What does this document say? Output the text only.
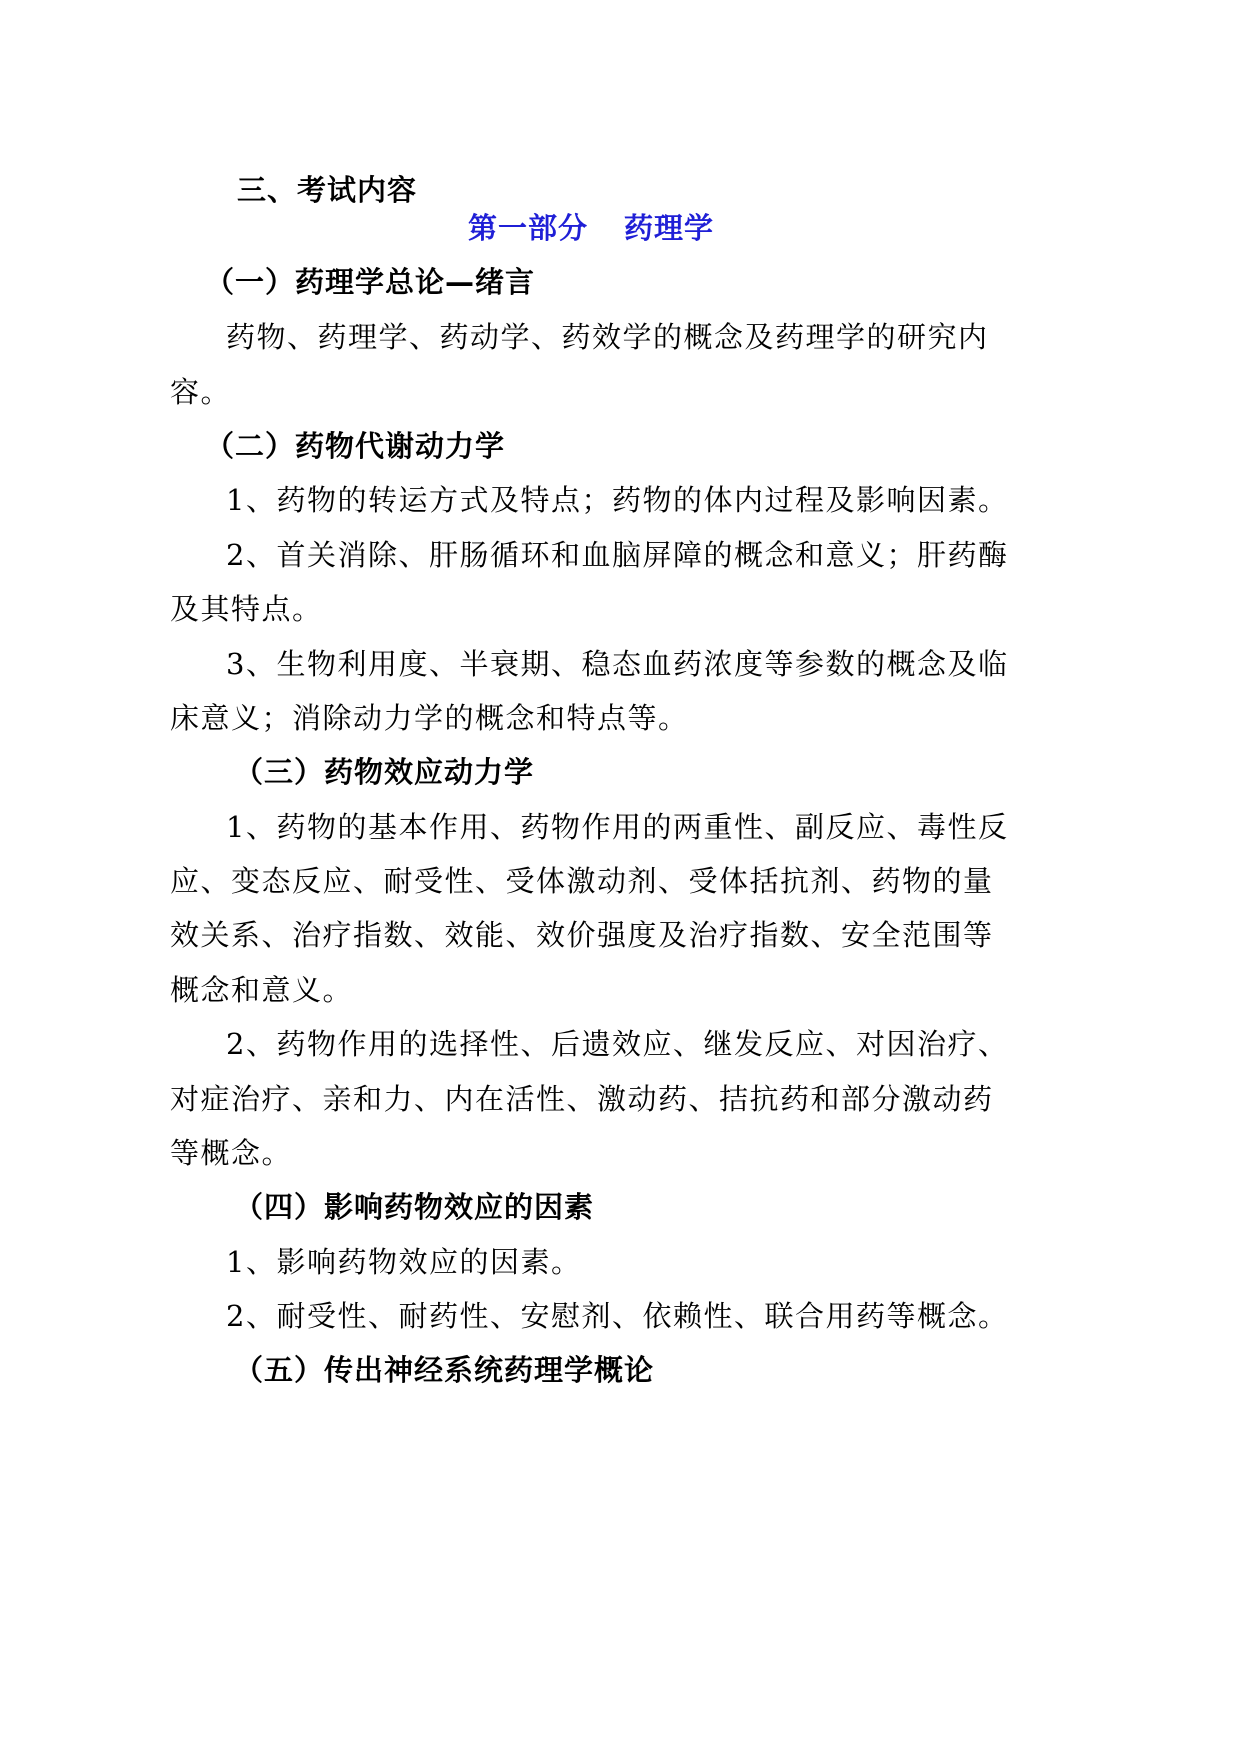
三、考试内容
第一部分 药理学
（一）药理学总论—绪言
药物、药理学、药动学、药效学的概念及药理学的研究内
容。
（二）药物代谢动力学
1、药物的转运方式及特点；药物的体内过程及影响因素。
2、首关消除、肝肠循环和血脑屏障的概念和意义；肝药酶
及其特点。
3、生物利用度、半衰期、稳态血药浓度等参数的概念及临
床意义；消除动力学的概念和特点等。
（三）药物效应动力学
1、药物的基本作用、药物作用的两重性、副反应、毒性反
应、变态反应、耐受性、受体激动剂、受体括抗剂、药物的量
效关系、治疗指数、效能、效价强度及治疗指数、安全范围等
概念和意义。
2、药物作用的选择性、后遗效应、继发反应、对因治疗、
对症治疗、亲和力、内在活性、激动药、拮抗药和部分激动药
等概念。
（四）影响药物效应的因素
1、影响药物效应的因素。
2、耐受性、耐药性、安慰剂、依赖性、联合用药等概念。
（五）传出神经系统药理学概论
